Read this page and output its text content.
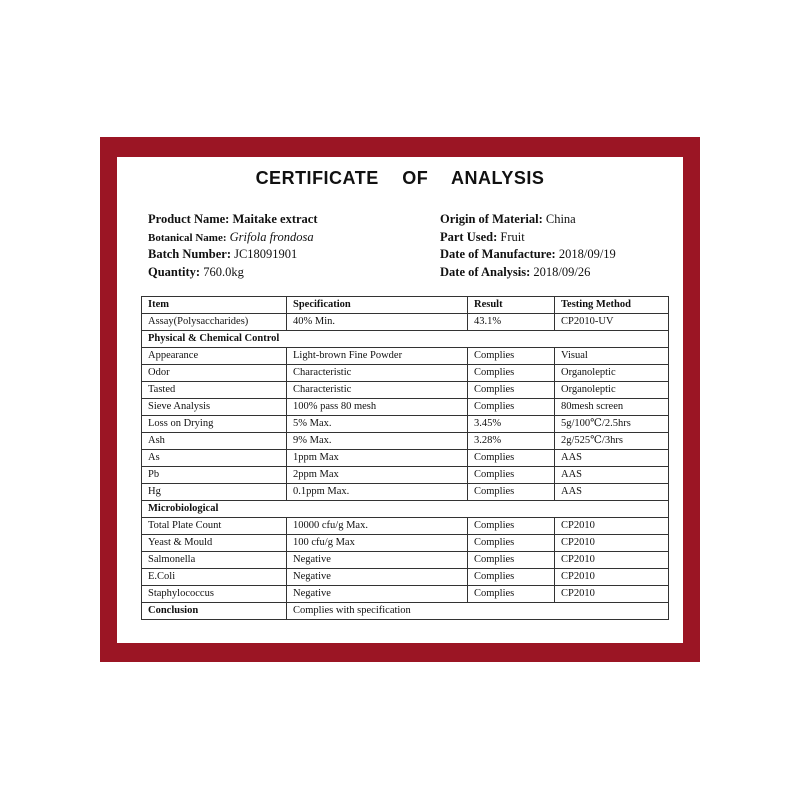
CERTIFICATE OF ANALYSIS
Product Name: Maitake extract
Botanical Name: Grifola frondosa
Batch Number: JC18091901
Quantity: 760.0kg
Origin of Material: China
Part Used: Fruit
Date of Manufacture: 2018/09/19
Date of Analysis: 2018/09/26
Item	Specification	Result	Testing Method
Assay(Polysaccharides)	40% Min.	43.1%	CP2010-UV
Physical & Chemical Control			
Appearance	Light-brown Fine Powder	Complies	Visual
Odor	Characteristic	Complies	Organoleptic
Tasted	Characteristic	Complies	Organoleptic
Sieve Analysis	100% pass 80 mesh	Complies	80mesh screen
Loss on Drying	5% Max.	3.45%	5g/100℃/2.5hrs
Ash	9% Max.	3.28%	2g/525℃/3hrs
As	1ppm Max	Complies	AAS
Pb	2ppm Max	Complies	AAS
Hg	0.1ppm Max.	Complies	AAS
Microbiological			
Total Plate Count	10000 cfu/g Max.	Complies	CP2010
Yeast & Mould	100 cfu/g Max	Complies	CP2010
Salmonella	Negative	Complies	CP2010
E.Coli	Negative	Complies	CP2010
Staphylococcus	Negative	Complies	CP2010
Conclusion	Complies with specification		
